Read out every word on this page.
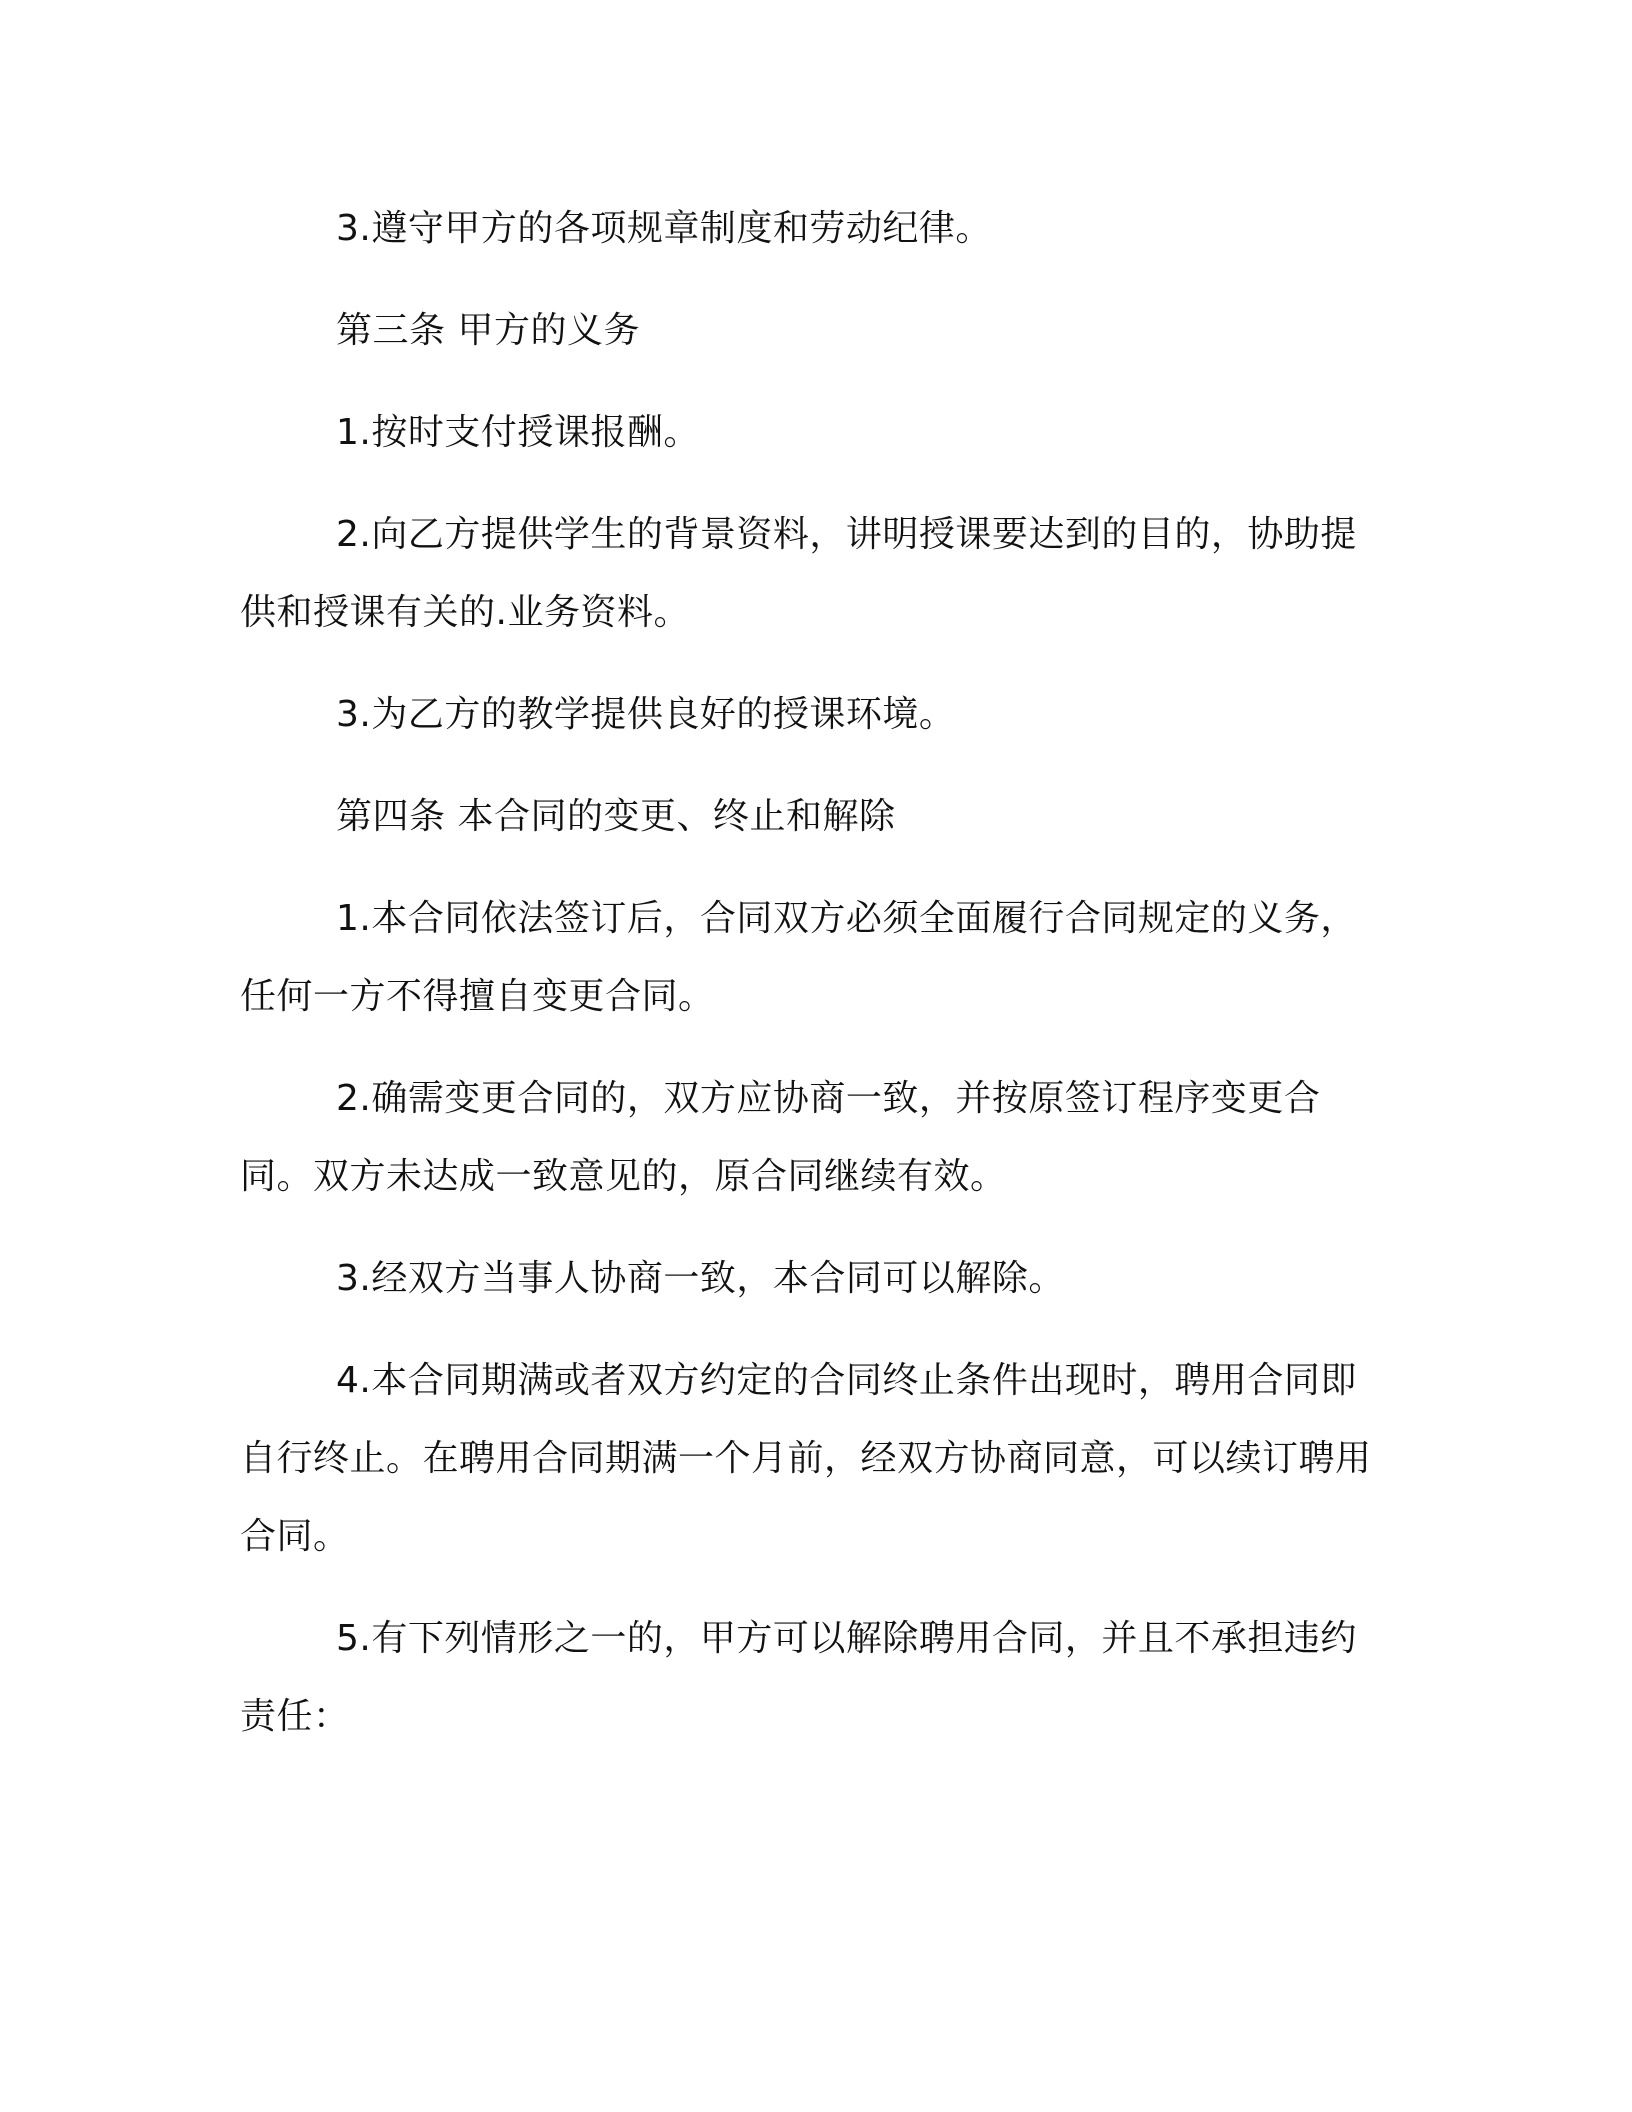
3.遵守甲方的各项规章制度和劳动纪律。

第三条 甲方的义务

1.按时支付授课报酬。

2.向乙方提供学生的背景资料，讲明授课要达到的目的，协助提供和授课有关的.业务资料。

3.为乙方的教学提供良好的授课环境。

第四条 本合同的变更、终止和解除

1.本合同依法签订后，合同双方必须全面履行合同规定的义务，任何一方不得擅自变更合同。

2.确需变更合同的，双方应协商一致，并按原签订程序变更合同。双方未达成一致意见的，原合同继续有效。

3.经双方当事人协商一致，本合同可以解除。

4.本合同期满或者双方约定的合同终止条件出现时，聘用合同即自行终止。在聘用合同期满一个月前，经双方协商同意，可以续订聘用合同。

5.有下列情形之一的，甲方可以解除聘用合同，并且不承担违约责任：
